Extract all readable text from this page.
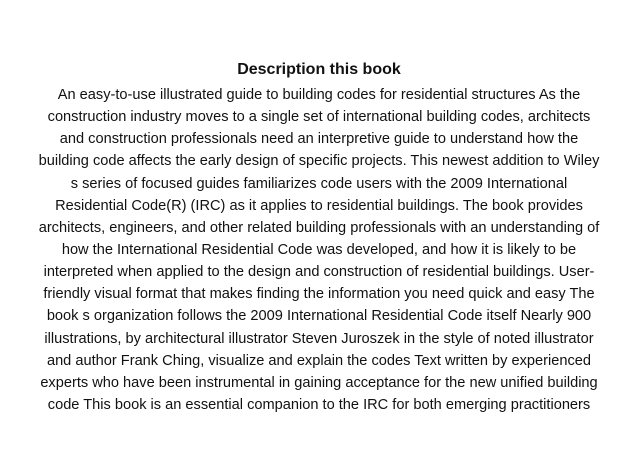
Description this book
An easy-to-use illustrated guide to building codes for residential structures As the
construction industry moves to a single set of international building codes, architects
and construction professionals need an interpretive guide to understand how the
building code affects the early design of specific projects. This newest addition to Wiley
s series of focused guides familiarizes code users with the 2009 International
Residential Code(R) (IRC) as it applies to residential buildings. The book provides
architects, engineers, and other related building professionals with an understanding of
how the International Residential Code was developed, and how it is likely to be
interpreted when applied to the design and construction of residential buildings. User-
friendly visual format that makes finding the information you need quick and easy The
book s organization follows the 2009 International Residential Code itself Nearly 900
illustrations, by architectural illustrator Steven Juroszek in the style of noted illustrator
and author Frank Ching, visualize and explain the codes Text written by experienced
experts who have been instrumental in gaining acceptance for the new unified building
code This book is an essential companion to the IRC for both emerging practitioners
